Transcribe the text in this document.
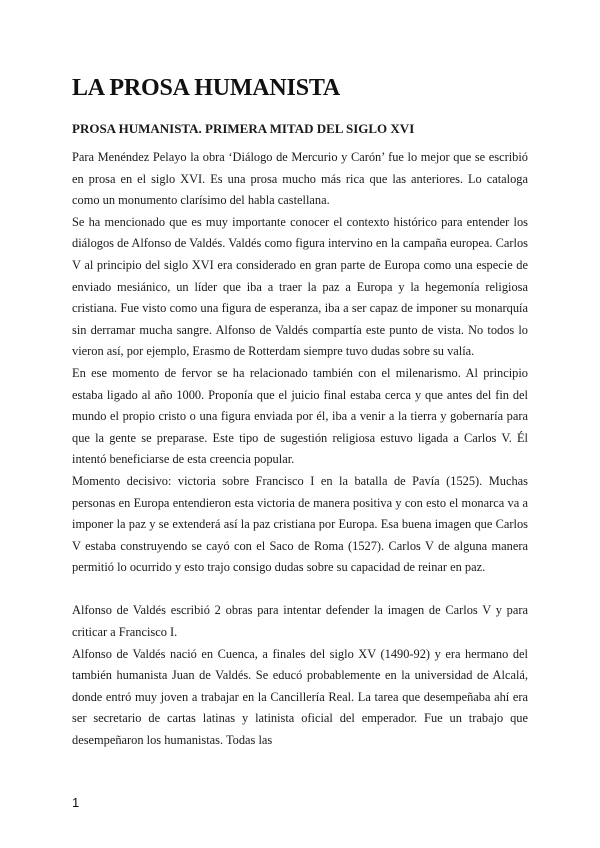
LA PROSA HUMANISTA
PROSA HUMANISTA. PRIMERA MITAD DEL SIGLO XVI

Para Menéndez Pelayo la obra ‘Diálogo de Mercurio y Carón’ fue lo mejor que se escribió en prosa en el siglo XVI. Es una prosa mucho más rica que las anteriores. Lo cataloga como un monumento clarísimo del habla castellana.

Se ha mencionado que es muy importante conocer el contexto histórico para entender los diálogos de Alfonso de Valdés. Valdés como figura intervino en la campaña europea. Carlos V al principio del siglo XVI era considerado en gran parte de Europa como una especie de enviado mesiánico, un líder que iba a traer la paz a Europa y la hegemonía religiosa cristiana. Fue visto como una figura de esperanza, iba a ser capaz de imponer su monarquía sin derramar mucha sangre. Alfonso de Valdés compartía este punto de vista. No todos lo vieron así, por ejemplo, Erasmo de Rotterdam siempre tuvo dudas sobre su valía.

En ese momento de fervor se ha relacionado también con el milenarismo. Al principio estaba ligado al año 1000. Proponía que el juicio final estaba cerca y que antes del fin del mundo el propio cristo o una figura enviada por él, iba a venir a la tierra y gobernaría para que la gente se preparase. Este tipo de sugestión religiosa estuvo ligada a Carlos V. Él intentó beneficiarse de esta creencia popular.

Momento decisivo: victoria sobre Francisco I en la batalla de Pavía (1525). Muchas personas en Europa entendieron esta victoria de manera positiva y con esto el monarca va a imponer la paz y se extenderá así la paz cristiana por Europa. Esa buena imagen que Carlos V estaba construyendo se cayó con el Saco de Roma (1527). Carlos V de alguna manera permitió lo ocurrido y esto trajo consigo dudas sobre su capacidad de reinar en paz.

Alfonso de Valdés escribió 2 obras para intentar defender la imagen de Carlos V y para criticar a Francisco I.

Alfonso de Valdés nació en Cuenca, a finales del siglo XV (1490-92) y era hermano del también humanista Juan de Valdés. Se educó probablemente en la universidad de Alcalá, donde entró muy joven a trabajar en la Cancillería Real. La tarea que desempeñaba ahí era ser secretario de cartas latinas y latinista oficial del emperador. Fue un trabajo que desempeñaron los humanistas. Todas las

1
